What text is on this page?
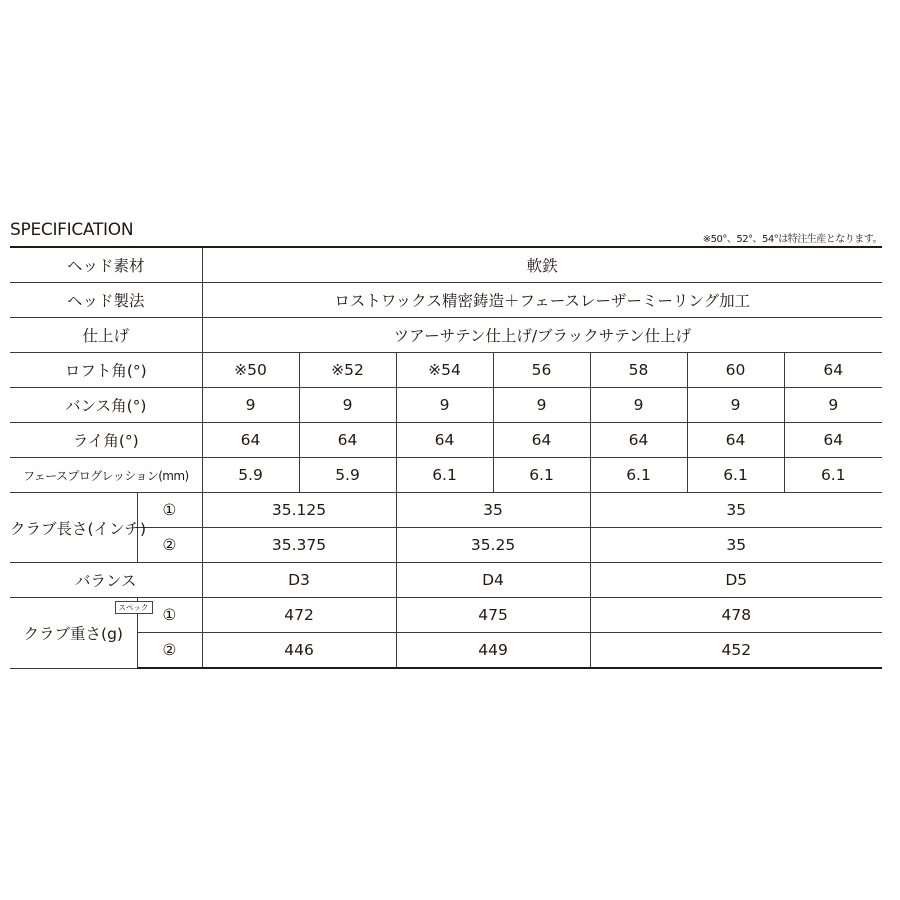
SPECIFICATION	※50°、52°、54°は特注生産となります。
ヘッド素材		軟鉄						
ヘッド製法		ロストワックス精密鋳造＋フェースレーザーミーリング加工						
仕上げ		ツアーサテン仕上げ/ブラックサテン仕上げ						
ロフト角(°)		※50	※52	※54	56	58	60	64
バンス角(°)		9	9	9	9	9	9	9
ライ角(°)		64	64	64	64	64	64	64
フェースプログレッション(mm)		5.9	5.9	6.1	6.1	6.1	6.1	6.1
クラブ長さ(インチ)	①	35.125		35		35		
	②	35.375		35.25		35		
バランス		D3		D4		D5		
クラブ重さ(g)	スペック ①	472		475		478		
	②	446		449		452		
